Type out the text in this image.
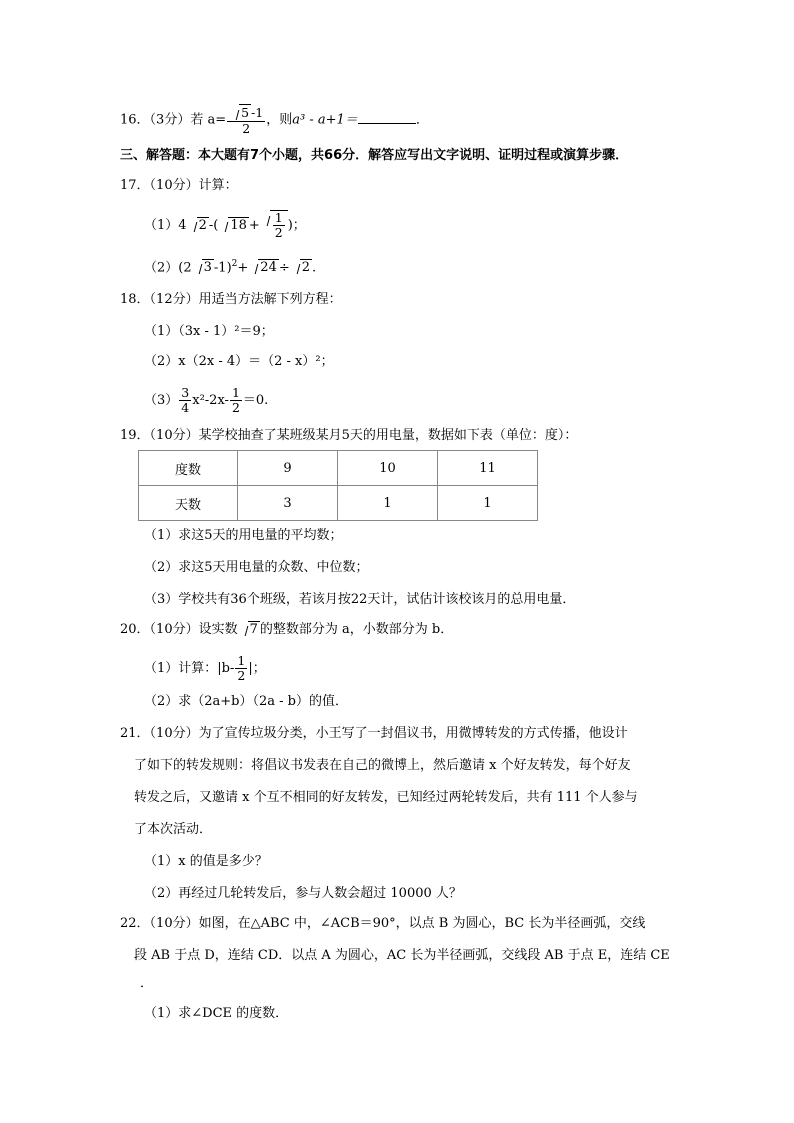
16．（3分）若 $a= \frac{5 -1}{2}$ ，则a³ - a+1＝	．
三、解答题：本大题有7个小题，共66分．解答应写出文字说明、证明过程或演算步骤．
17．（10分）计算：
（1）4 2 -( $18 + \frac{1}{2}$ )；
（2）(2 3 -1)$^2$+ 24 ÷ 2 .
18．（12分）用适当方法解下列方程：
（1）（3x - 1）²＝9；
（2）x（2x - 4）＝（2 - x）²；
$(3) \frac{3}{4} x^2-2x- \frac{1}{2} =0$.
19．（10分）某学校抽查了某班级某月5天的用电量，数据如下表（单位：度）：
度数	9	10	11
天数	3	1	1
（1）求这5天的用电量的平均数；
（2）求这5天用电量的众数、中位数；
（3）学校共有36个班级，若该月按22天计，试估计该校该月的总用电量．
20．（10分）设实数 7 的整数部分为 a，小数部分为 b．
（1）计算：$|b- \frac{1}{2}$ |；
（2）求（2a+b）（2a - b）的值．
21．（10分）为了宣传垃圾分类，小王写了一封倡议书，用微博转发的方式传播，他设计
了如下的转发规则：将倡议书发表在自己的微博上，然后邀请 x 个好友转发，每个好友
转发之后，又邀请 x 个互不相同的好友转发，已知经过两轮转发后，共有 111 个人参与
了本次活动．
（1）x 的值是多少？
（2）再经过几轮转发后，参与人数会超过 10000 人？
22．（10分）如图，在△ABC 中，∠ACB＝90°，以点 B 为圆心，BC 长为半径画弧，交线
段 AB 于点 D，连结 CD．以点 A 为圆心，AC 长为半径画弧，交线段 AB 于点 E，连结 CE
．
（1）求∠DCE 的度数．
